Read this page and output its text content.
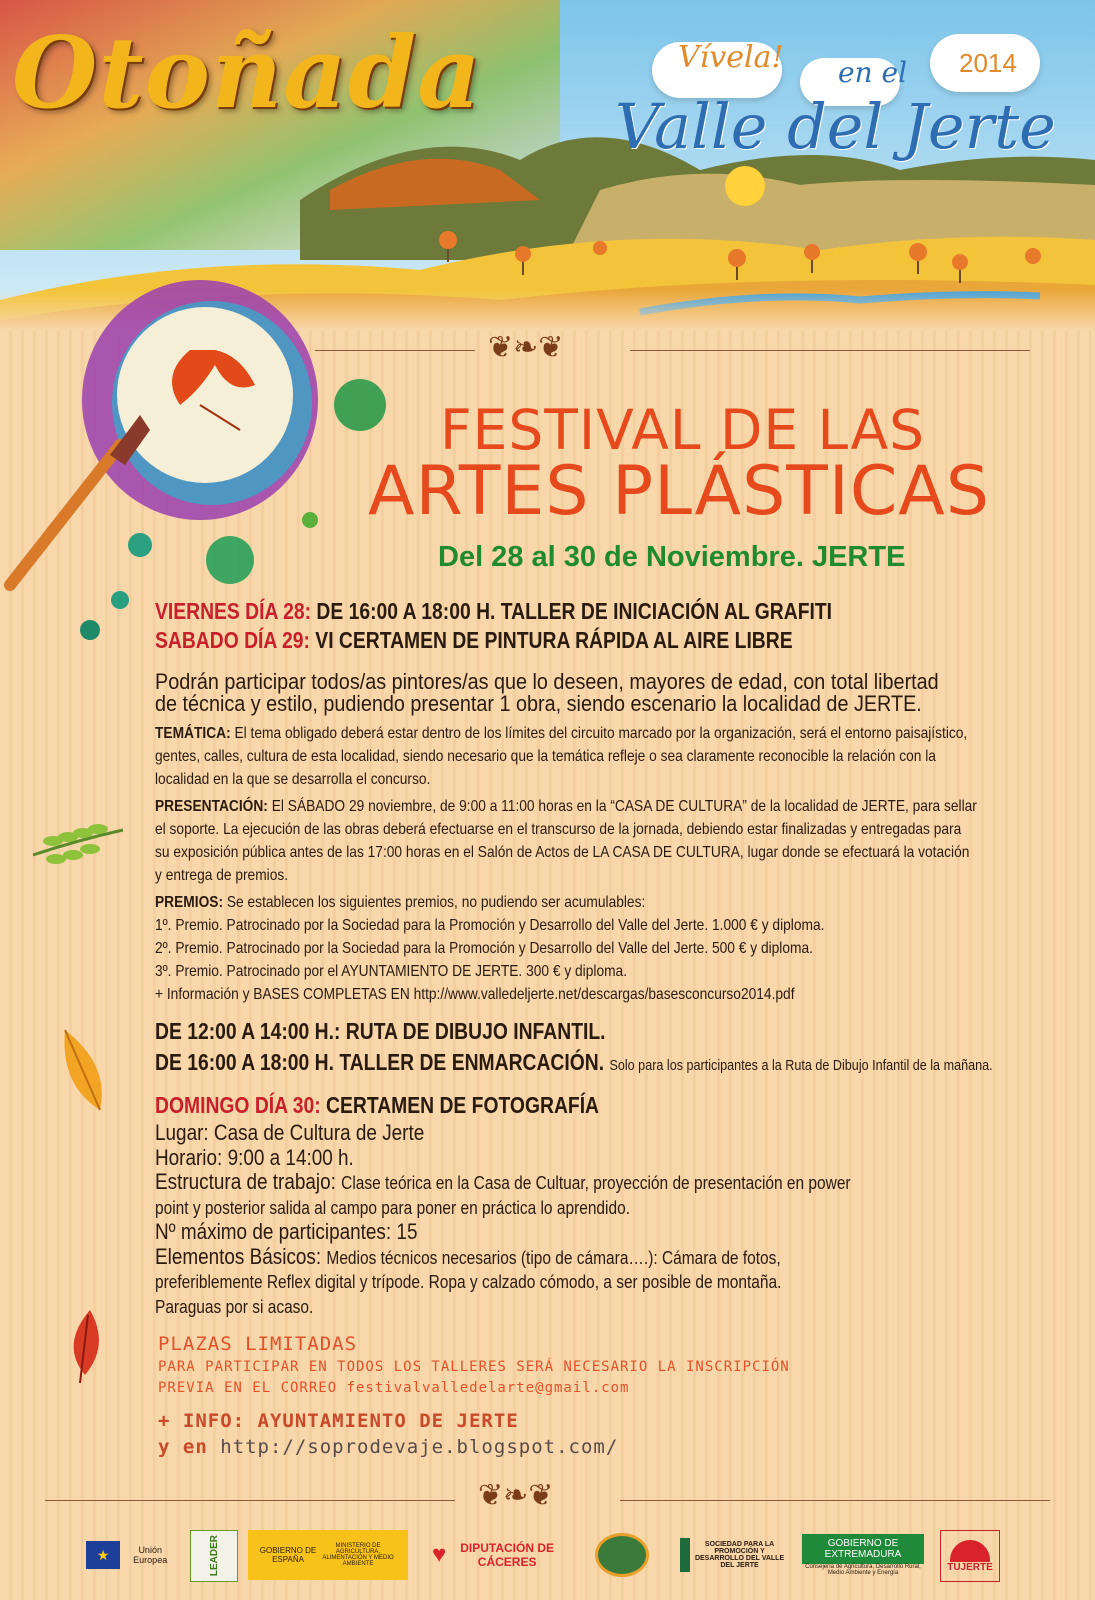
Otoñada	Vívela! en el 2014
Valle del Jerte
❦❧❦
FESTIVAL DE LAS
ARTES PLÁSTICAS
Del 28 al 30 de Noviembre. JERTE
VIERNES DÍA 28: DE 16:00 A 18:00 H. TALLER DE INICIACIÓN AL GRAFITI
SABADO DÍA 29: VI CERTAMEN DE PINTURA RÁPIDA AL AIRE LIBRE
Podrán participar todos/as pintores/as que lo deseen, mayores de edad, con total libertad
de técnica y estilo, pudiendo presentar 1 obra, siendo escenario la localidad de JERTE.
TEMÁTICA: El tema obligado deberá estar dentro de los límites del circuito marcado por la organización, será el entorno paisajístico,
gentes, calles, cultura de esta localidad, siendo necesario que la temática refleje o sea claramente reconocible la relación con la
localidad en la que se desarrolla el concurso.
PRESENTACIÓN: El SÁBADO 29 noviembre, de 9:00 a 11:00 horas en la “CASA DE CULTURA” de la localidad de JERTE, para sellar
el soporte. La ejecución de las obras deberá efectuarse en el transcurso de la jornada, debiendo estar finalizadas y entregadas para
su exposición pública antes de las 17:00 horas en el Salón de Actos de LA CASA DE CULTURA, lugar donde se efectuará la votación
y entrega de premios.
PREMIOS: Se establecen los siguientes premios, no pudiendo ser acumulables:
1º. Premio. Patrocinado por la Sociedad para la Promoción y Desarrollo del Valle del Jerte. 1.000 € y diploma.
2º. Premio. Patrocinado por la Sociedad para la Promoción y Desarrollo del Valle del Jerte. 500 € y diploma.
3º. Premio. Patrocinado por el AYUNTAMIENTO DE JERTE. 300 € y diploma.
+ Información y BASES COMPLETAS EN http://www.valledeljerte.net/descargas/basesconcurso2014.pdf
DE 12:00 A 14:00 H.: RUTA DE DIBUJO INFANTIL.
DE 16:00 A 18:00 H. TALLER DE ENMARCACIÓN. Solo para los participantes a la Ruta de Dibujo Infantil de la mañana.
DOMINGO DÍA 30: CERTAMEN DE FOTOGRAFÍA
Lugar: Casa de Cultura de Jerte
Horario: 9:00 a 14:00 h.
Estructura de trabajo: Clase teórica en la Casa de Cultuar, proyección de presentación en power
point y posterior salida al campo para poner en práctica lo aprendido.
Nº máximo de participantes: 15
Elementos Básicos: Medios técnicos necesarios (tipo de cámara….): Cámara de fotos,
preferiblemente Reflex digital y trípode. Ropa y calzado cómodo, a ser posible de montaña.
Paraguas por si acaso.
PLAZAS LIMITADAS
PARA PARTICIPAR EN TODOS LOS TALLERES SERÁ NECESARIO LA INSCRIPCIÓN
PREVIA EN EL CORREO festivalvalledelarte@gmail.com
+ INFO: AYUNTAMIENTO DE JERTE
y en http://soprodevaje.blogspot.com/
❦❧❦
★	Unión Europea	LEADER	GOBIERNO DE ESPAÑA
MINISTERIO DE AGRICULTURA, ALIMENTACIÓN Y MEDIO AMBIENTE	♥	DIPUTACIÓN DE CÁCERES
SOCIEDAD PARA LA PROMOCIÓN Y DESARROLLO DEL VALLE DEL JERTE
GOBIERNO DE EXTREMADURA
Consejería de Agricultura, Desarrollo Rural, Medio Ambiente y Energía
TUJERTE
